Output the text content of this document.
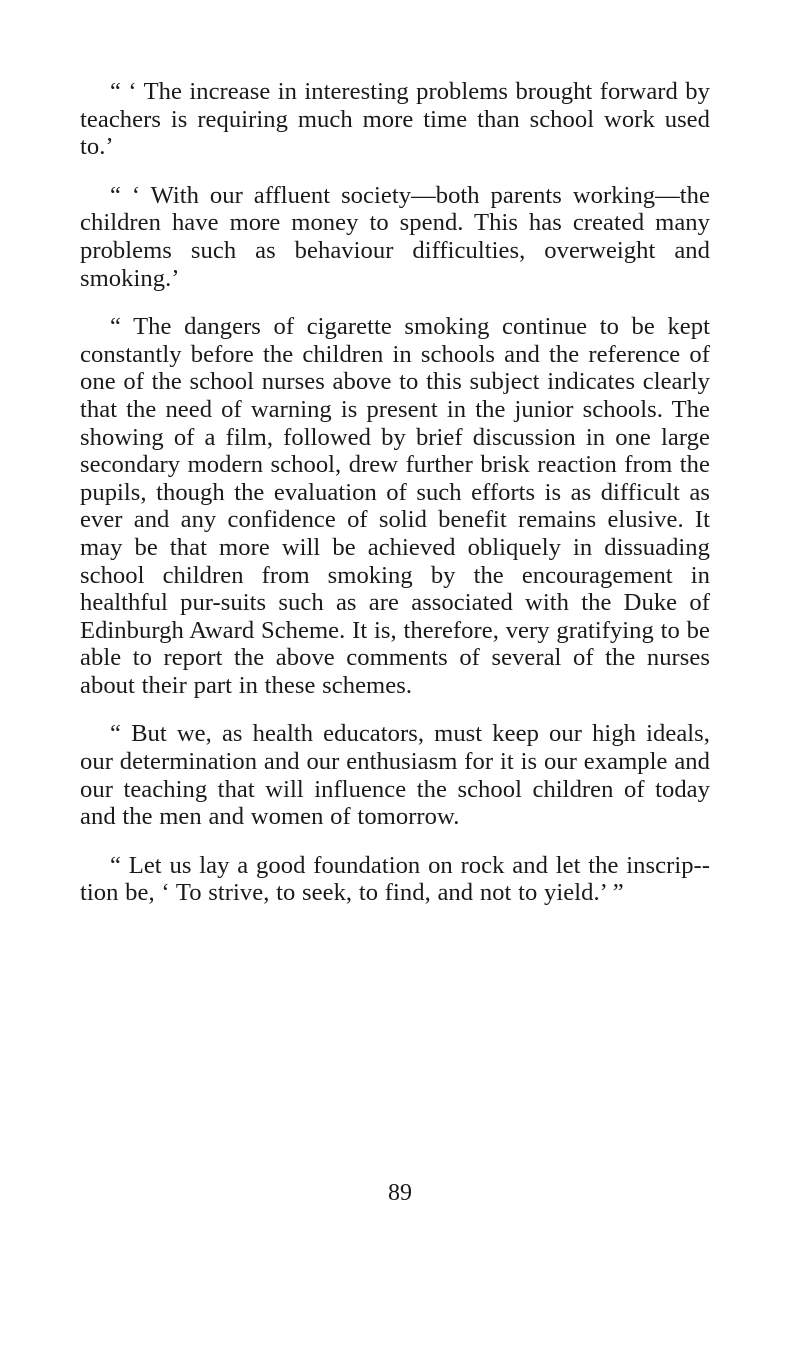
“ ‘ The increase in interesting problems brought forward by teachers is requiring much more time than school work used to.’

“ ‘ With our affluent society—both parents working—the children have more money to spend. This has created many problems such as behaviour difficulties, overweight and smoking.’

“ The dangers of cigarette smoking continue to be kept constantly before the children in schools and the reference of one of the school nurses above to this subject indicates clearly that the need of warning is present in the junior schools. The showing of a film, followed by brief discussion in one large secondary modern school, drew further brisk reaction from the pupils, though the evaluation of such efforts is as difficult as ever and any confidence of solid benefit remains elusive. It may be that more will be achieved obliquely in dissuading school children from smoking by the encouragement in healthful pur-suits such as are associated with the Duke of Edinburgh Award Scheme. It is, therefore, very gratifying to be able to report the above comments of several of the nurses about their part in these schemes.

“ But we, as health educators, must keep our high ideals, our determination and our enthusiasm for it is our example and our teaching that will influence the school children of today and the men and women of tomorrow.

“ Let us lay a good foundation on rock and let the inscrip-tion be, ‘ To strive, to seek, to find, and not to yield.’ ”

89
